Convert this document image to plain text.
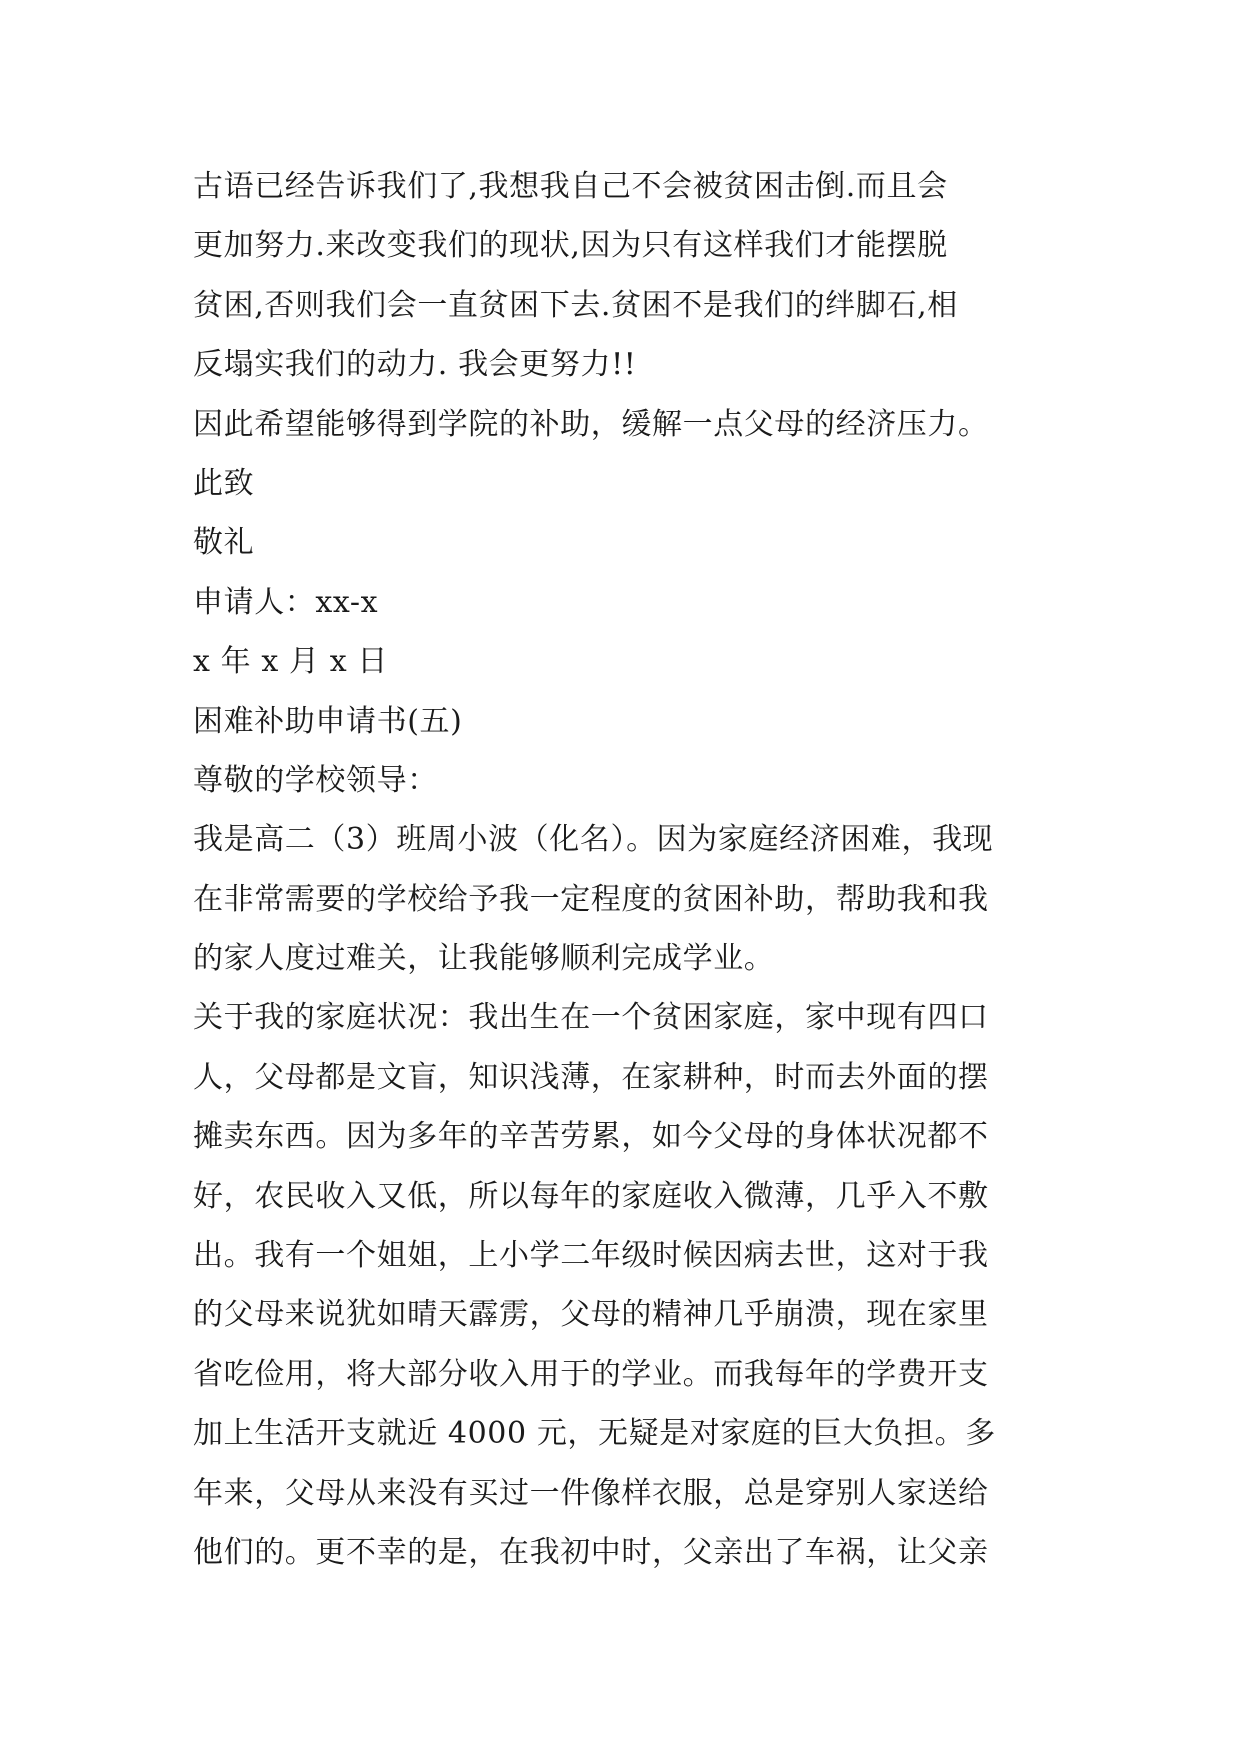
古语已经告诉我们了,我想我自己不会被贫困击倒.而且会
更加努力.来改变我们的现状,因为只有这样我们才能摆脱
贫困,否则我们会一直贫困下去.贫困不是我们的绊脚石,相
反塌实我们的动力. 我会更努力!!
因此希望能够得到学院的补助，缓解一点父母的经济压力。
此致
敬礼
申请人：xx-x
x 年 x 月 x 日
困难补助申请书(五)
尊敬的学校领导：
我是高二（3）班周小波（化名）。因为家庭经济困难，我现
在非常需要的学校给予我一定程度的贫困补助，帮助我和我
的家人度过难关，让我能够顺利完成学业。
关于我的家庭状况：我出生在一个贫困家庭，家中现有四口
人，父母都是文盲，知识浅薄，在家耕种，时而去外面的摆
摊卖东西。因为多年的辛苦劳累，如今父母的身体状况都不
好，农民收入又低，所以每年的家庭收入微薄，几乎入不敷
出。我有一个姐姐，上小学二年级时候因病去世，这对于我
的父母来说犹如晴天霹雳，父母的精神几乎崩溃，现在家里
省吃俭用，将大部分收入用于的学业。而我每年的学费开支
加上生活开支就近 4000 元，无疑是对家庭的巨大负担。多
年来，父母从来没有买过一件像样衣服，总是穿别人家送给
他们的。更不幸的是，在我初中时，父亲出了车祸，让父亲
